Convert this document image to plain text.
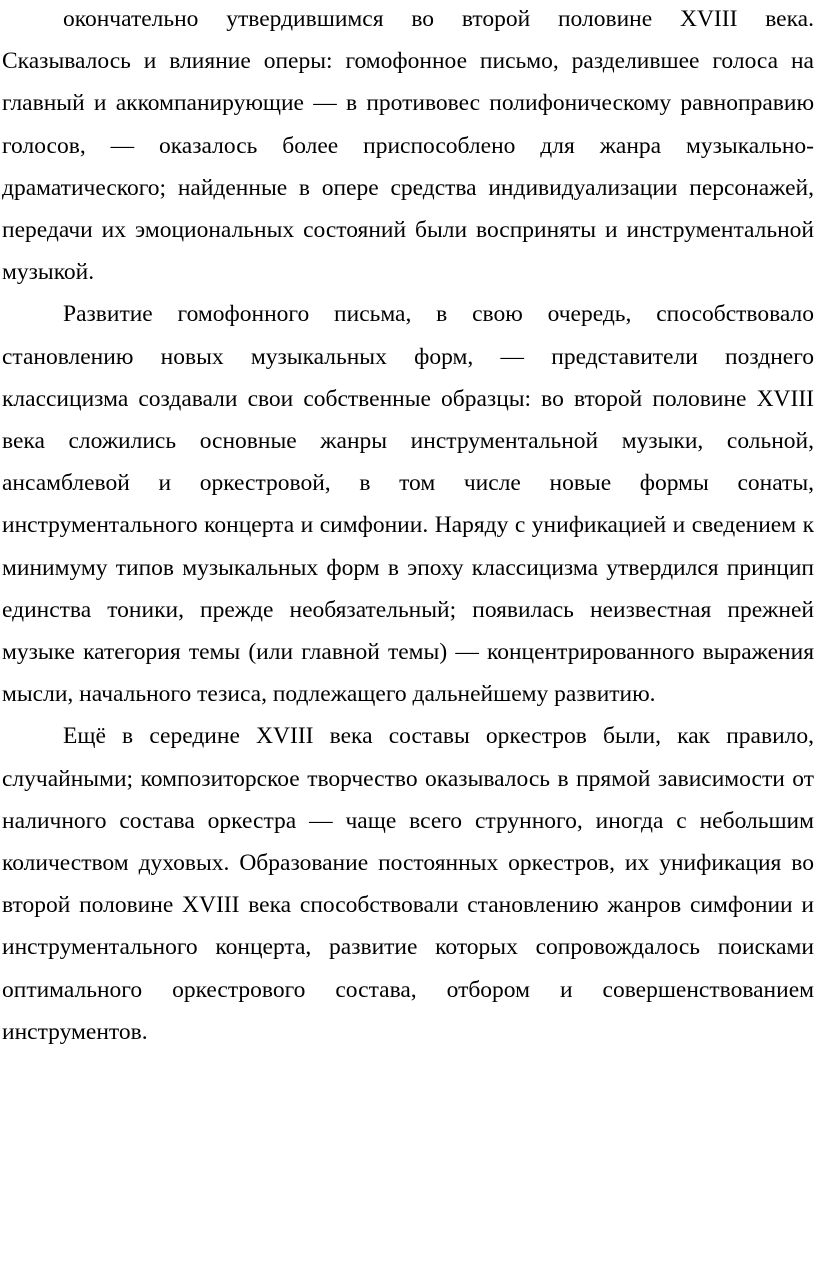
окончательно утвердившимся во второй половине XVIII века. Сказывалось и влияние оперы: гомофонное письмо, разделившее голоса на главный и аккомпанирующие — в противовес полифоническому равноправию голосов, — оказалось более приспособлено для жанра музыкально-драматического; найденные в опере средства индивидуализации персонажей, передачи их эмоциональных состояний были восприняты и инструментальной музыкой.

Развитие гомофонного письма, в свою очередь, способствовало становлению новых музыкальных форм, — представители позднего классицизма создавали свои собственные образцы: во второй половине XVIII века сложились основные жанры инструментальной музыки, сольной, ансамблевой и оркестровой, в том числе новые формы сонаты, инструментального концерта и симфонии. Наряду с унификацией и сведением к минимуму типов музыкальных форм в эпоху классицизма утвердился принцип единства тоники, прежде необязательный; появилась неизвестная прежней музыке категория темы (или главной темы) — концентрированного выражения мысли, начального тезиса, подлежащего дальнейшему развитию.

Ещё в середине XVIII века составы оркестров были, как правило, случайными; композиторское творчество оказывалось в прямой зависимости от наличного состава оркестра — чаще всего струнного, иногда с небольшим количеством духовых. Образование постоянных оркестров, их унификация во второй половине XVIII века способствовали становлению жанров симфонии и инструментального концерта, развитие которых сопровождалось поисками оптимального оркестрового состава, отбором и совершенствованием инструментов.
